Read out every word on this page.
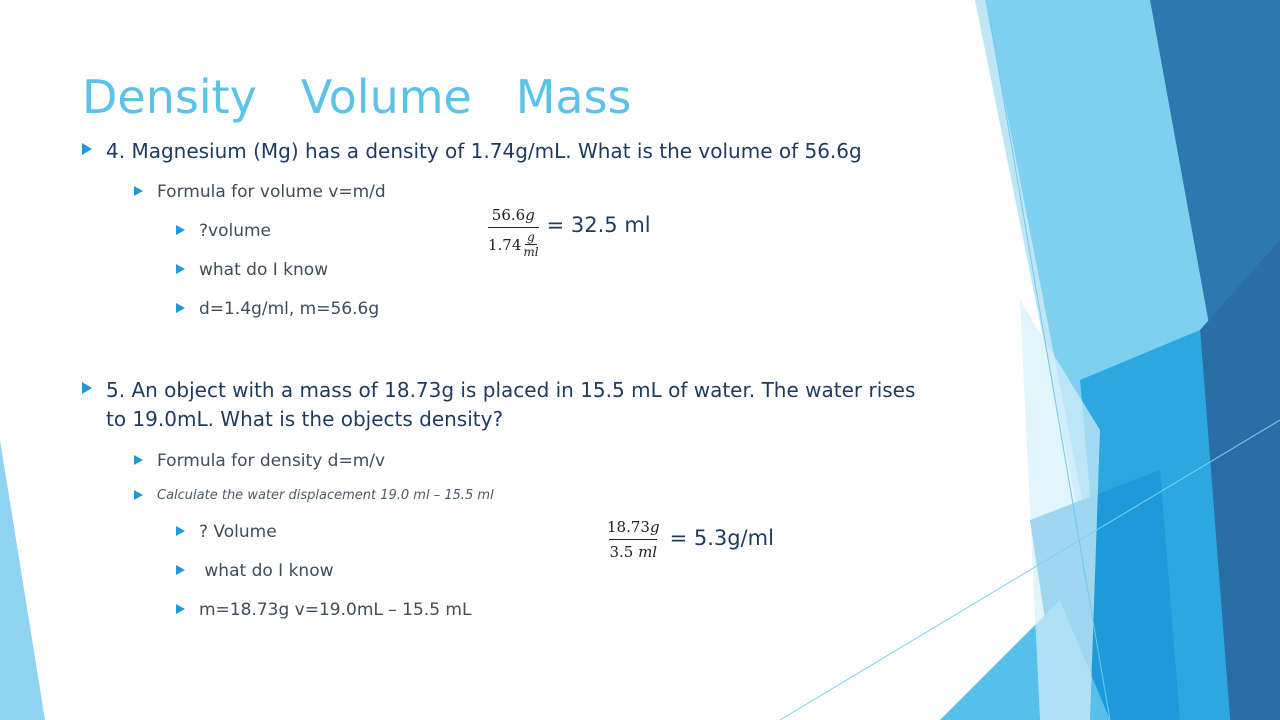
Density   Volume   Mass
4. Magnesium (Mg) has a density of 1.74g/mL. What is the volume of 56.6g
Formula for volume v=m/d
?volume
what do I know
d=1.4g/ml, m=56.6g
$\frac{56.6g}{1.74 \frac{g}{ml}} = 32.5$ ml
5. An object with a mass of 18.73g is placed in 15.5 mL of water. The water rises to 19.0mL. What is the objects density?
Formula for density d=m/v
Calculate the water displacement 19.0 ml – 15.5 ml
? Volume
what do I know
m=18.73g v=19.0mL – 15.5 mL
$\frac{18.73g}{3.5 ml} = 5.3g/ml$
